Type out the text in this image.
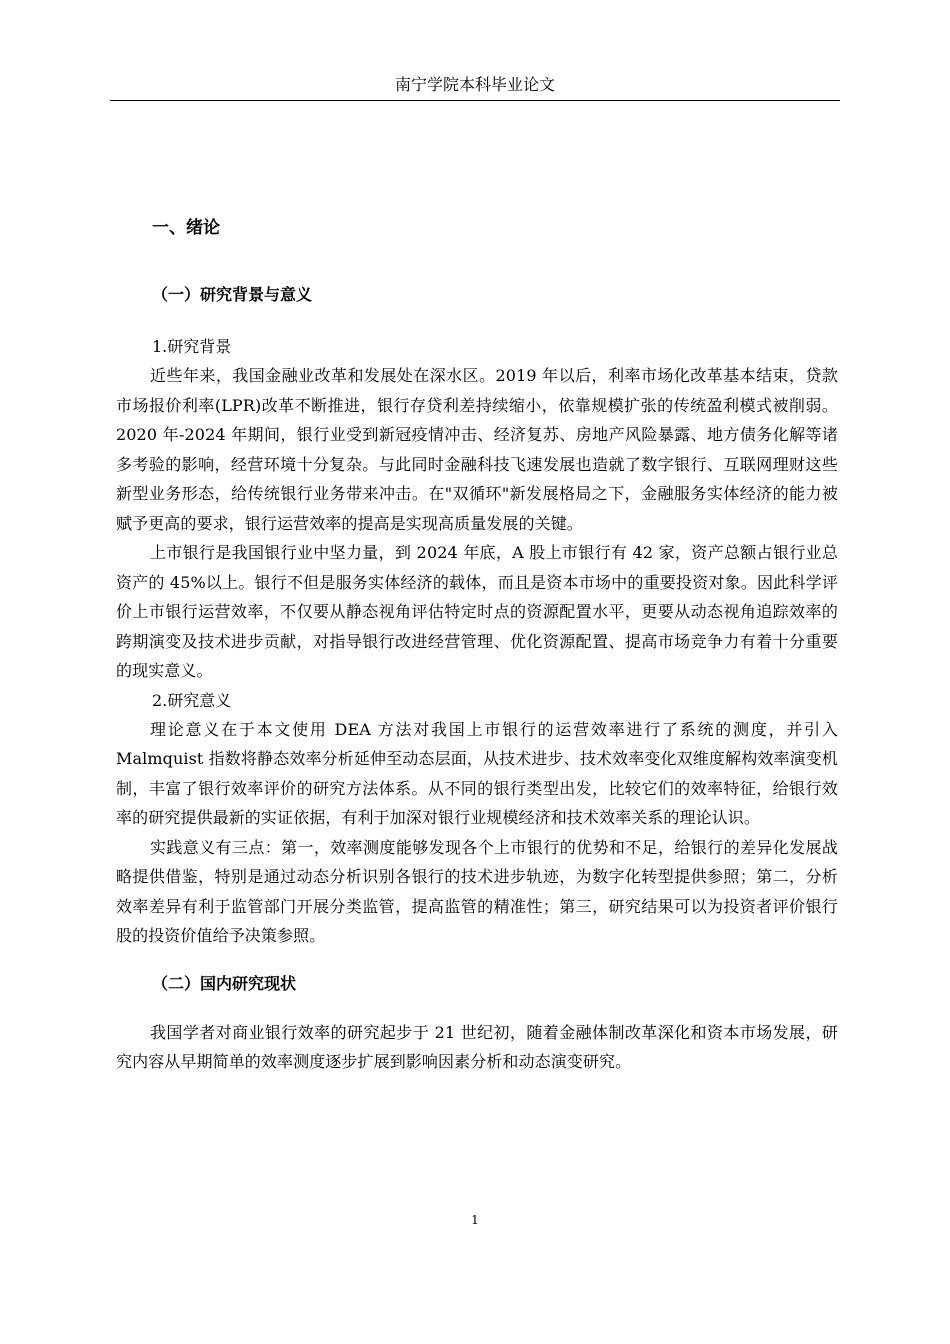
南宁学院本科毕业论文
一、绪论
（一）研究背景与意义
1.研究背景

近些年来，我国金融业改革和发展处在深水区。2019 年以后，利率市场化改革基本结束，贷款市场报价利率(LPR)改革不断推进，银行存贷利差持续缩小，依靠规模扩张的传统盈利模式被削弱。2020 年-2024 年期间，银行业受到新冠疫情冲击、经济复苏、房地产风险暴露、地方债务化解等诸多考验的影响，经营环境十分复杂。与此同时金融科技飞速发展也造就了数字银行、互联网理财这些新型业务形态，给传统银行业务带来冲击。在"双循环"新发展格局之下，金融服务实体经济的能力被赋予更高的要求，银行运营效率的提高是实现高质量发展的关键。

上市银行是我国银行业中坚力量，到 2024 年底，A 股上市银行有 42 家，资产总额占银行业总资产的 45%以上。银行不但是服务实体经济的载体，而且是资本市场中的重要投资对象。因此科学评价上市银行运营效率，不仅要从静态视角评估特定时点的资源配置水平，更要从动态视角追踪效率的跨期演变及技术进步贡献，对指导银行改进经营管理、优化资源配置、提高市场竞争力有着十分重要的现实意义。

2.研究意义

理论意义在于本文使用 DEA 方法对我国上市银行的运营效率进行了系统的测度，并引入 Malmquist 指数将静态效率分析延伸至动态层面，从技术进步、技术效率变化双维度解构效率演变机制，丰富了银行效率评价的研究方法体系。从不同的银行类型出发，比较它们的效率特征，给银行效率的研究提供最新的实证依据，有利于加深对银行业规模经济和技术效率关系的理论认识。

实践意义有三点：第一，效率测度能够发现各个上市银行的优势和不足，给银行的差异化发展战略提供借鉴，特别是通过动态分析识别各银行的技术进步轨迹，为数字化转型提供参照；第二，分析效率差异有利于监管部门开展分类监管，提高监管的精准性；第三，研究结果可以为投资者评价银行股的投资价值给予决策参照。

（二）国内研究现状

我国学者对商业银行效率的研究起步于 21 世纪初，随着金融体制改革深化和资本市场发展，研究内容从早期简单的效率测度逐步扩展到影响因素分析和动态演变研究。

1
